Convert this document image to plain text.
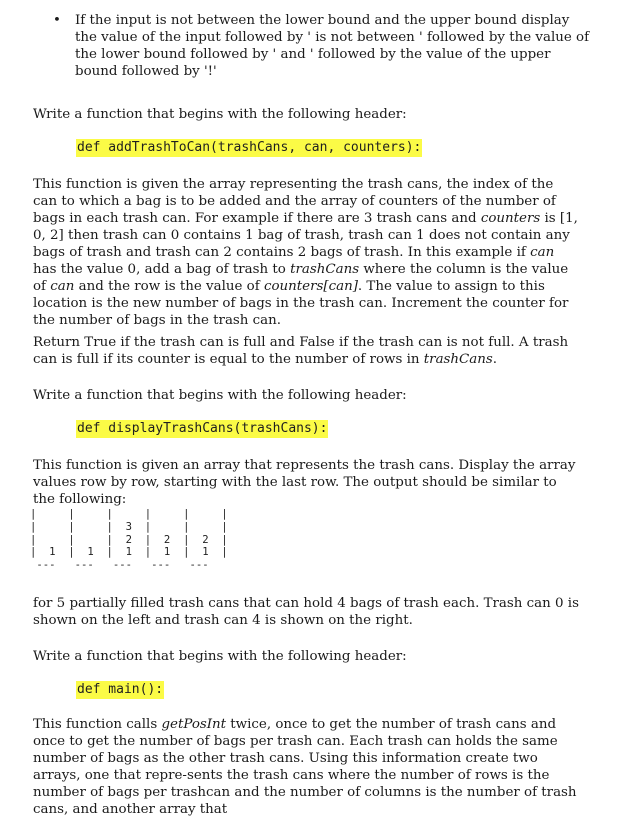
• If the input is not between the lower bound and the upper bound display the value of the input followed by ' is not between ' followed by the value of the lower bound followed by ' and ' followed by the value of the upper bound followed by '!'

Write a function that begins with the following header:

def addTrashToCan(trashCans, can, counters):

This function is given the array representing the trash cans, the index of the can to which a bag is to be added and the array of counters of the number of bags in each trash can. For example if there are 3 trash cans and counters is [1, 0, 2] then trash can 0 contains 1 bag of trash, trash can 1 does not contain any bags of trash and trash can 2 contains 2 bags of trash. In this example if can has the value 0, add a bag of trash to trashCans where the column is the value of can and the row is the value of counters[can]. The value to assign to this location is the new number of bags in the trash can. Increment the counter for the number of bags in the trash can.

Return True if the trash can is full and False if the trash can is not full. A trash can is full if its counter is equal to the number of rows in trashCans.

Write a function that begins with the following header:

def displayTrashCans(trashCans):

This function is given an array that represents the trash cans. Display the array values row by row, starting with the last row. The output should be similar to the following:

|     |     |     |     |     |
|     |     |  3  |     |     |
|     |     |  2  |  2  |  2  |
|  1  |  1  |  1  |  1  |  1  |
---   ---   ---   ---   ---

for 5 partially filled trash cans that can hold 4 bags of trash each. Trash can 0 is shown on the left and trash can 4 is shown on the right.

Write a function that begins with the following header:

def main():

This function calls getPosInt twice, once to get the number of trash cans and once to get the number of bags per trash can. Each trash can holds the same number of bags as the other trash cans. Using this information create two arrays, one that repre-sents the trash cans where the number of rows is the number of bags per trashcan and the number of columns is the number of trash cans, and another array that
